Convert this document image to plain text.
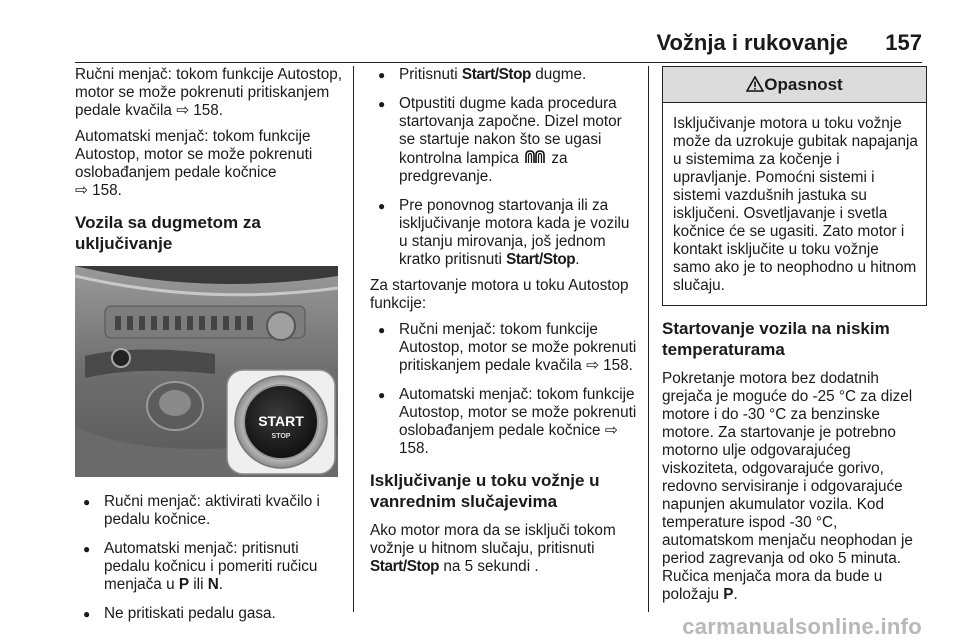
Vožnja i rukovanje 157

Ručni menjač: tokom funkcije Autostop, motor se može pokrenuti pritiskanjem pedale kvačila ⇨ 158.

Automatski menjač: tokom funkcije Autostop, motor se može pokrenuti oslobađanjem pedale kočnice
⇨ 158.

Vozila sa dugmetom za uključivanje
START
STOP
● Ručni menjač: aktivirati kvačilo i pedalu kočnice.
● Automatski menjač: pritisnuti pedalu kočnicu i pomeriti ručicu menjača u P ili N.
● Ne pritiskati pedalu gasa.
● Pritisnuti Start/Stop dugme.
● Otpustiti dugme kada procedura startovanja započne. Dizel motor se startuje nakon što se ugasi kontrolna lampica  za predgrevanje.
● Pre ponovnog startovanja ili za isključivanje motora kada je vozilu u stanju mirovanja, još jednom kratko pritisnuti Start/Stop.

Za startovanje motora u toku Autostop funkcije:

● Ručni menjač: tokom funkcije Autostop, motor se može pokrenuti pritiskanjem pedale kvačila ⇨ 158.
● Automatski menjač: tokom funkcije Autostop, motor se može pokrenuti oslobađanjem pedale kočnice ⇨ 158.
Isključivanje u toku vožnje u vanrednim slučajevima

Ako motor mora da se isključi tokom vožnje u hitnom slučaju, pritisnuti Start/Stop na 5 sekundi .

Opasnost
Isključivanje motora u toku vožnje može da uzrokuje gubitak napajanja u sistemima za kočenje i upravljanje. Pomoćni sistemi i sistemi vazdušnih jastuka su isključeni. Osvetljavanje i svetla kočnice će se ugasiti. Zato motor i kontakt isključite u toku vožnje samo ako je to neophodno u hitnom slučaju.
Startovanje vozila na niskim temperaturama

Pokretanje motora bez dodatnih grejača je moguće do -25 °C za dizel motore i do -30 °C za benzinske motore. Za startovanje je potrebno motorno ulje odgovarajućeg viskoziteta, odgovarajuće gorivo, redovno servisiranje i odgovarajuće napunjen akumulator vozila. Kod temperature ispod -30 °C, automatskom menjaču neophodan je period zagrevanja od oko 5 minuta. Ručica menjača mora da bude u položaju P.

carmanualsonline.info
